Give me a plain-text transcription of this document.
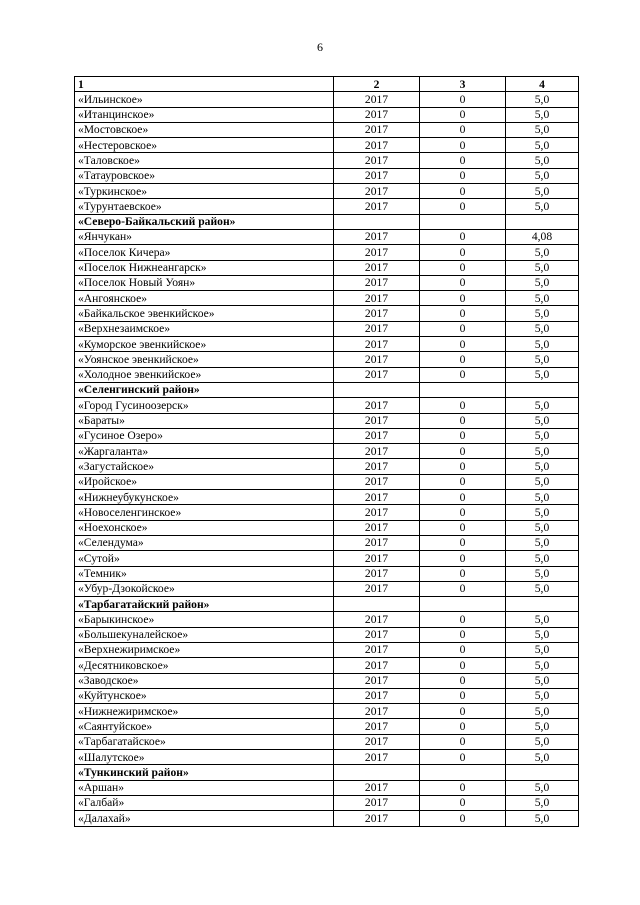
6
1	2	3	4
«Ильинское»	2017	0	5,0
«Итанцинское»	2017	0	5,0
«Мостовское»	2017	0	5,0
«Нестеровское»	2017	0	5,0
«Таловское»	2017	0	5,0
«Татауровское»	2017	0	5,0
«Туркинское»	2017	0	5,0
«Турунтаевское»	2017	0	5,0
«Северо-Байкальский район»			
«Янчукан»	2017	0	4,08
«Поселок Кичера»	2017	0	5,0
«Поселок Нижнеангарск»	2017	0	5,0
«Поселок Новый Уоян»	2017	0	5,0
«Ангоянское»	2017	0	5,0
«Байкальское эвенкийское»	2017	0	5,0
«Верхнезаимское»	2017	0	5,0
«Куморское эвенкийское»	2017	0	5,0
«Уоянское эвенкийское»	2017	0	5,0
«Холодное эвенкийское»	2017	0	5,0
«Селенгинский район»			
«Город Гусиноозерск»	2017	0	5,0
«Бараты»	2017	0	5,0
«Гусиное Озеро»	2017	0	5,0
«Жаргаланта»	2017	0	5,0
«Загустайское»	2017	0	5,0
«Иройское»	2017	0	5,0
«Нижнеубукунское»	2017	0	5,0
«Новоселенгинское»	2017	0	5,0
«Ноехонское»	2017	0	5,0
«Селендума»	2017	0	5,0
«Сутой»	2017	0	5,0
«Темник»	2017	0	5,0
«Убур-Дзокойское»	2017	0	5,0
«Тарбагатайский район»			
«Барыкинское»	2017	0	5,0
«Большекуналейское»	2017	0	5,0
«Верхнежиримское»	2017	0	5,0
«Десятниковское»	2017	0	5,0
«Заводское»	2017	0	5,0
«Куйтунское»	2017	0	5,0
«Нижнежиримское»	2017	0	5,0
«Саянтуйское»	2017	0	5,0
«Тарбагатайское»	2017	0	5,0
«Шалутское»	2017	0	5,0
«Тункинский район»			
«Аршан»	2017	0	5,0
«Галбай»	2017	0	5,0
«Далахай»	2017	0	5,0
